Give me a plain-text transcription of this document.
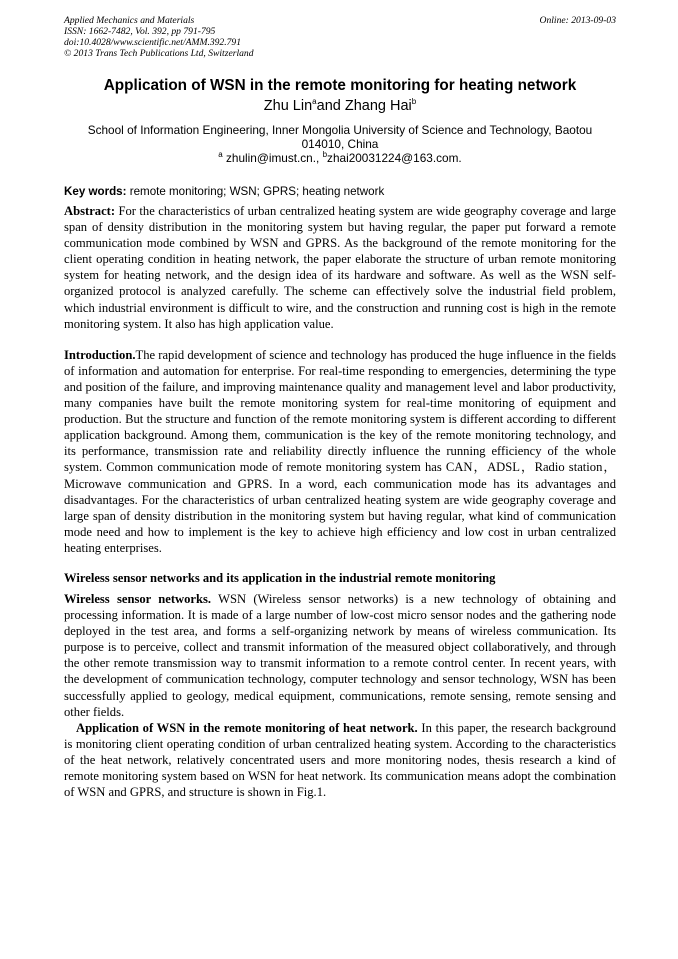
Applied Mechanics and Materials
ISSN: 1662-7482, Vol. 392, pp 791-795
doi:10.4028/www.scientific.net/AMM.392.791
© 2013 Trans Tech Publications Ltd, Switzerland
Online: 2013-09-03
Application of WSN in the remote monitoring for heating network
Zhu Lin$^a$and Zhang Hai$^b$
School of Information Engineering, Inner Mongolia University of Science and Technology, Baotou
014010, China
$^a$ zhulin@imust.cn., $^b$zhai20031224@163.com.
Key words: remote monitoring; WSN; GPRS; heating network

Abstract: For the characteristics of urban centralized heating system are wide geography coverage and large span of density distribution in the monitoring system but having regular, the paper put forward a remote communication mode combined by WSN and GPRS. As the background of the remote monitoring for the client operating condition in heating network, the paper elaborate the structure of urban remote monitoring system for heating network, and the design idea of its hardware and software. As well as the WSN self-organized protocol is analyzed carefully. The scheme can effectively solve the industrial field problem, which industrial environment is difficult to wire, and the construction and running cost is high in the remote monitoring system. It also has high application value.

Introduction.The rapid development of science and technology has produced the huge influence in the fields of information and automation for enterprise. For real-time responding to emergencies, determining the type and position of the failure, and improving maintenance quality and management level and labor productivity, many companies have built the remote monitoring system for real-time monitoring of equipment and production. But the structure and function of the remote monitoring system is different according to different application background. Among them, communication is the key of the remote monitoring technology, and its performance, transmission rate and reliability directly influence the running efficiency of the whole system. Common communication mode of remote monitoring system has CAN，ADSL，Radio station，Microwave communication and GPRS. In a word, each communication mode has its advantages and disadvantages. For the characteristics of urban centralized heating system are wide geography coverage and large span of density distribution in the monitoring system but having regular, what kind of communication mode need and how to implement is the key to achieve high efficiency and low cost in urban centralized heating enterprises.

Wireless sensor networks and its application in the industrial remote monitoring

Wireless sensor networks. WSN (Wireless sensor networks) is a new technology of obtaining and processing information. It is made of a large number of low-cost micro sensor nodes and the gathering node deployed in the test area, and forms a self-organizing network by means of wireless communication. Its purpose is to perceive, collect and transmit information of the measured object collaboratively, and through the other remote transmission way to transmit information to a remote control center. In recent years, with the development of communication technology, computer technology and sensor technology, WSN has been successfully applied to geology, medical equipment, communications, remote sensing, remote sensing and other fields.

Application of WSN in the remote monitoring of heat network. In this paper, the research background is monitoring client operating condition of urban centralized heating system. According to the characteristics of the heat network, relatively concentrated users and more monitoring nodes, thesis research a kind of remote monitoring system based on WSN for heat network. Its communication means adopt the combination of WSN and GPRS, and structure is shown in Fig.1.
